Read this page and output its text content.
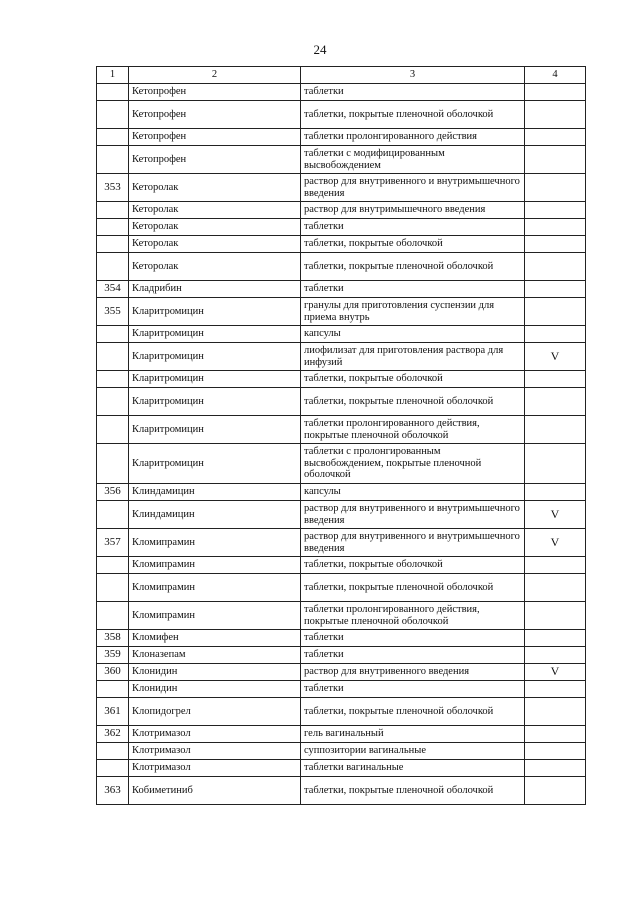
24
1	2	3	4
	Кетопрофен	таблетки	
	Кетопрофен	таблетки, покрытые пленочной оболочкой	
	Кетопрофен	таблетки пролонгированного действия	
	Кетопрофен	таблетки с модифицированным высвобождением	
353	Кеторолак	раствор для внутривенного и внутримышечного введения	
	Кеторолак	раствор для внутримышечного введения	
	Кеторолак	таблетки	
	Кеторолак	таблетки, покрытые оболочкой	
	Кеторолак	таблетки, покрытые пленочной оболочкой	
354	Кладрибин	таблетки	
355	Кларитромицин	гранулы для приготовления суспензии для приема внутрь	
	Кларитромицин	капсулы	
	Кларитромицин	лиофилизат для приготовления раствора для инфузий	V
	Кларитромицин	таблетки, покрытые оболочкой	
	Кларитромицин	таблетки, покрытые пленочной оболочкой	
	Кларитромицин	таблетки пролонгированного действия, покрытые пленочной оболочкой	
	Кларитромицин	таблетки с пролонгированным высвобождением, покрытые пленочной оболочкой	
356	Клиндамицин	капсулы	
	Клиндамицин	раствор для внутривенного и внутримышечного введения	V
357	Кломипрамин	раствор для внутривенного и внутримышечного введения	V
	Кломипрамин	таблетки, покрытые оболочкой	
	Кломипрамин	таблетки, покрытые пленочной оболочкой	
	Кломипрамин	таблетки пролонгированного действия, покрытые пленочной оболочкой	
358	Кломифен	таблетки	
359	Клоназепам	таблетки	
360	Клонидин	раствор для внутривенного введения	V
	Клонидин	таблетки	
361	Клопидогрел	таблетки, покрытые пленочной оболочкой	
362	Клотримазол	гель вагинальный	
	Клотримазол	суппозитории вагинальные	
	Клотримазол	таблетки вагинальные	
363	Кобиметиниб	таблетки, покрытые пленочной оболочкой	
